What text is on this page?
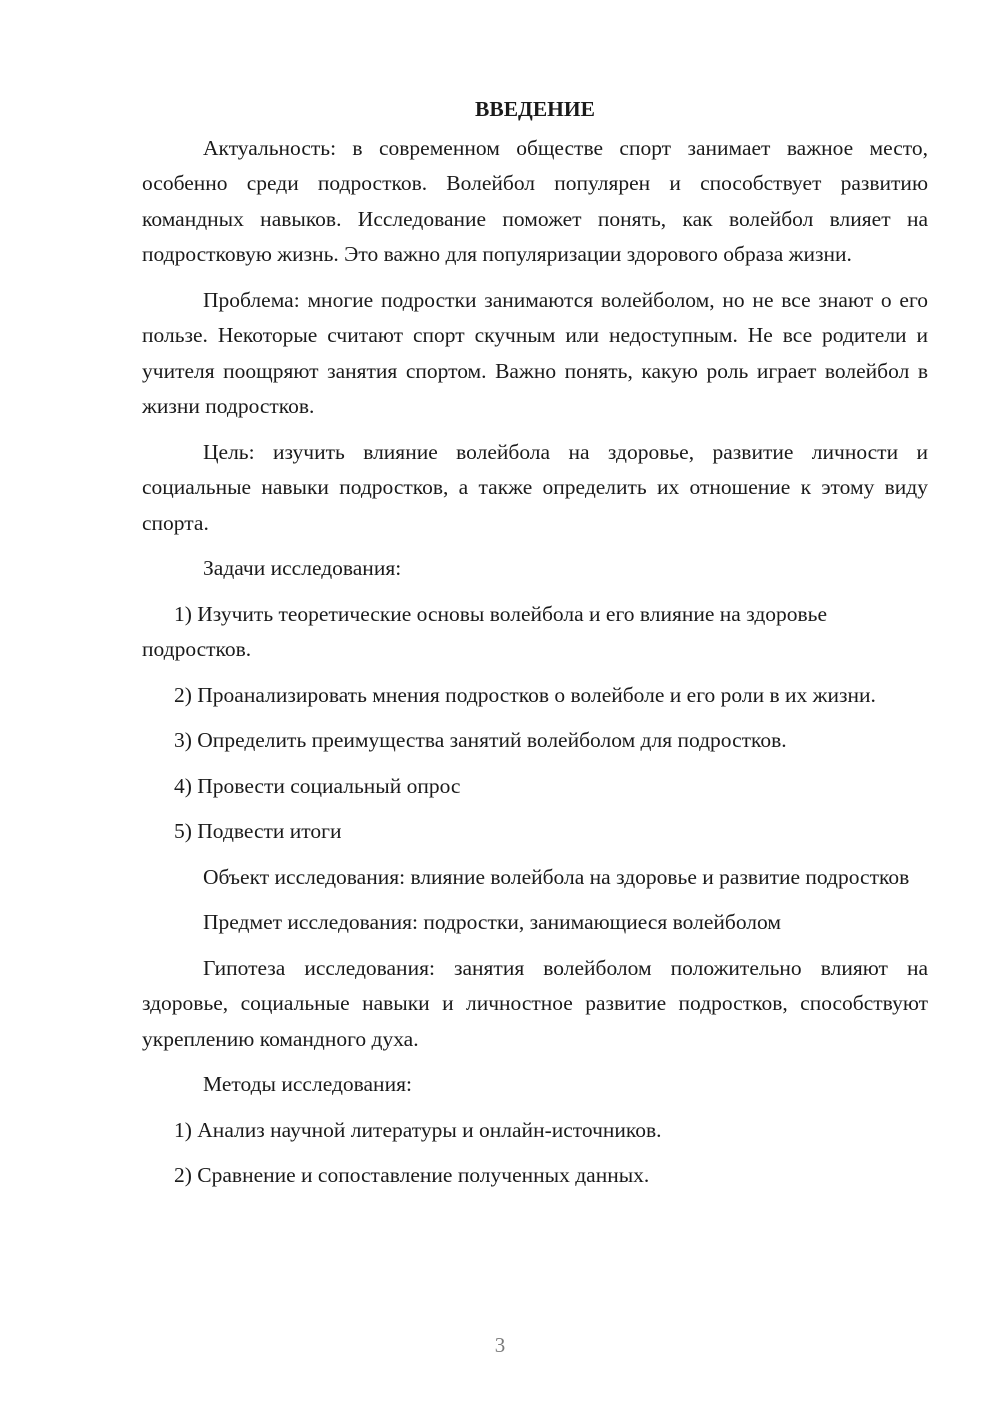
ВВЕДЕНИЕ

Актуальность: в современном обществе спорт занимает важное место, особенно среди подростков. Волейбол популярен и способствует развитию командных навыков. Исследование поможет понять, как волейбол влияет на подростковую жизнь. Это важно для популяризации здорового образа жизни.

Проблема: многие подростки занимаются волейболом, но не все знают о его пользе. Некоторые считают спорт скучным или недоступным. Не все родители и учителя поощряют занятия спортом. Важно понять, какую роль играет волейбол в жизни подростков.

Цель: изучить влияние волейбола на здоровье, развитие личности и социальные навыки подростков, а также определить их отношение к этому виду спорта.

Задачи исследования:

1) Изучить теоретические основы волейбола и его влияние на здоровье подростков.

2) Проанализировать мнения подростков о волейболе и его роли в их жизни.

3) Определить преимущества занятий волейболом для подростков.

4) Провести социальный опрос

5) Подвести итоги

Объект исследования: влияние волейбола на здоровье и развитие подростков

Предмет исследования: подростки, занимающиеся волейболом

Гипотеза исследования: занятия волейболом положительно влияют на здоровье, социальные навыки и личностное развитие подростков, способствуют укреплению командного духа.

Методы исследования:

1) Анализ научной литературы и онлайн-источников.

2) Сравнение и сопоставление полученных данных.

3
